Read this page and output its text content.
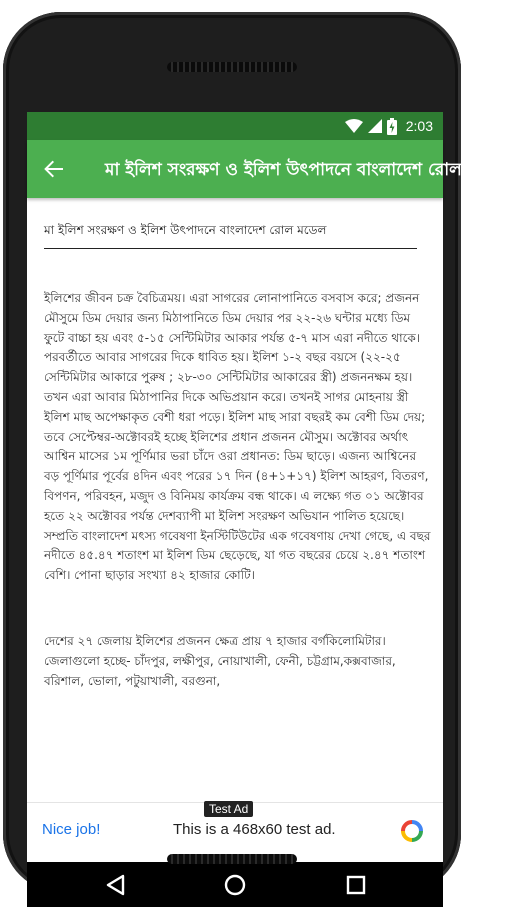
2:03
মা ইলিশ সংরক্ষণ ও ইলিশ উৎপাদনে বাংলাদেশ রোল মডেল
মা ইলিশ সংরক্ষণ ও ইলিশ উৎপাদনে বাংলাদেশ রোল মডেল

ইলিশের জীবন চক্র বৈচিত্রময়। এরা সাগরের লোনাপানিতে বসবাস করে; প্রজনন মৌসুমে ডিম দেয়ার জন্য মিঠাপানিতে ডিম দেয়ার পর ২২-২৬ ঘন্টার মধ্যে ডিম ফুটে বাচ্চা হয় এবং ৫-১৫ সেন্টিমিটার আকার পর্যন্ত ৫-৭ মাস এরা নদীতে থাকে। পরবর্তীতে আবার সাগরের দিকে ধাবিত হয়। ইলিশ ১-২ বছর বয়সে (২২-২৫ সেন্টিমিটার আকারে পুরুষ ; ২৮-৩০ সেন্টিমিটার আকারের স্ত্রী) প্রজননক্ষম হয়। তখন এরা আবার মিঠাপানির দিকে অভিপ্রয়ান করে। তখনই সাগর মোহনায় স্ত্রী ইলিশ মাছ অপেক্ষাকৃত বেশী ধরা পড়ে। ইলিশ মাছ সারা বছরই কম বেশী ডিম দেয়; তবে সেপ্টেম্বর-অক্টোবরই হচ্ছে ইলিশের প্রধান প্রজনন মৌসুম। অক্টোবর অর্থাৎ আশ্বিন মাসের ১ম পূর্ণিমার ভরা চাঁদে ওরা প্রধানত: ডিম ছাড়ে। এজন্য আশ্বিনের বড় পূর্ণিমার পূর্বের ৪দিন এবং পরের ১৭ দিন (৪+১+১৭) ইলিশ আহরণ, বিতরণ, বিপণন, পরিবহন, মজুদ ও বিনিময় কার্যক্রম বন্ধ থাকে। এ লক্ষ্যে গত ০১ অক্টোবর হতে ২২ অক্টোবর পর্যন্ত দেশব্যাপী মা ইলিশ সংরক্ষণ অভিযান পালিত হয়েছে। সম্প্রতি বাংলাদেশ মৎস্য গবেষণা ইনস্টিটিউটের এক গবেষণায় দেখা গেছে, এ বছর নদীতে ৪৫.৪৭ শতাংশ মা ইলিশ ডিম ছেড়েছে, যা গত বছরের চেয়ে ২.৪৭ শতাংশ বেশি। পোনা ছাড়ার সংখ্যা ৪২ হাজার কোটি।

দেশের ২৭ জেলায় ইলিশের প্রজনন ক্ষেত্র প্রায় ৭ হাজার বর্গকিলোমিটার। জেলাগুলো হচ্ছে- চাঁদপুর, লক্ষীপুর, নোয়াখালী, ফেনী, চট্টগ্রাম,কক্সবাজার, বরিশাল, ভোলা, পটুয়াখালী, বরগুনা,

Test Ad
Nice job!	This is a 468x60 test ad.
